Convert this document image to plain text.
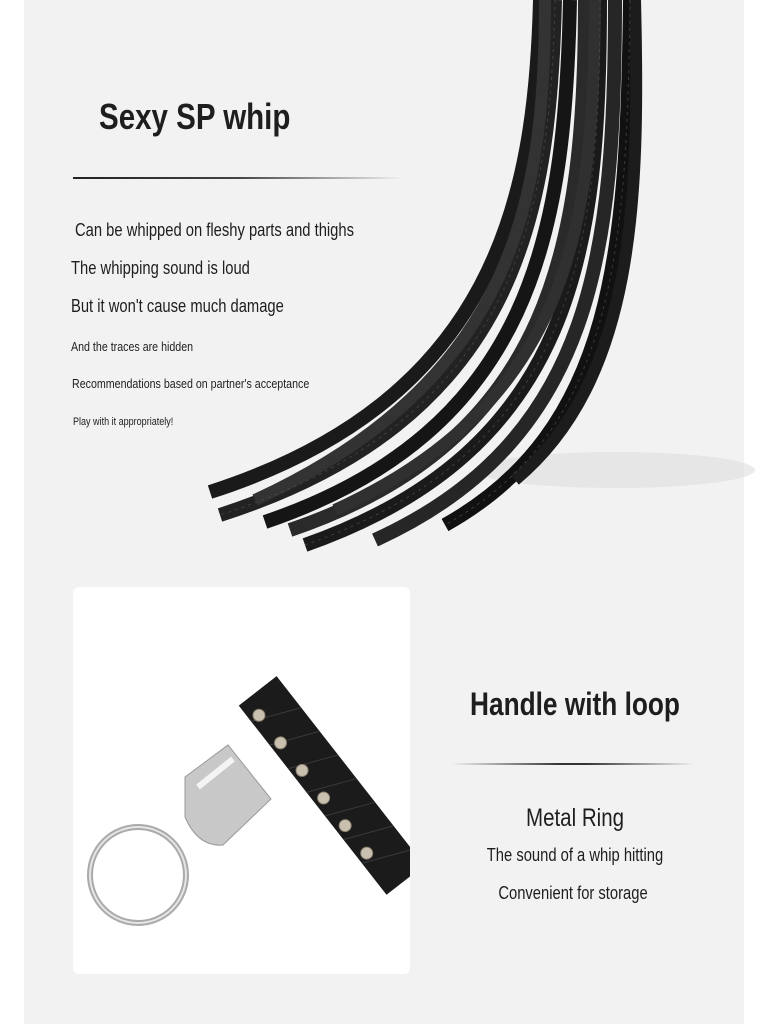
Sexy SP whip
Can be whipped on fleshy parts and thighs
The whipping sound is loud
But it won't cause much damage
And the traces are hidden
Recommendations based on partner's acceptance
Play with it appropriately!
Handle with loop
Metal Ring
The sound of a whip hitting
Convenient for storage
